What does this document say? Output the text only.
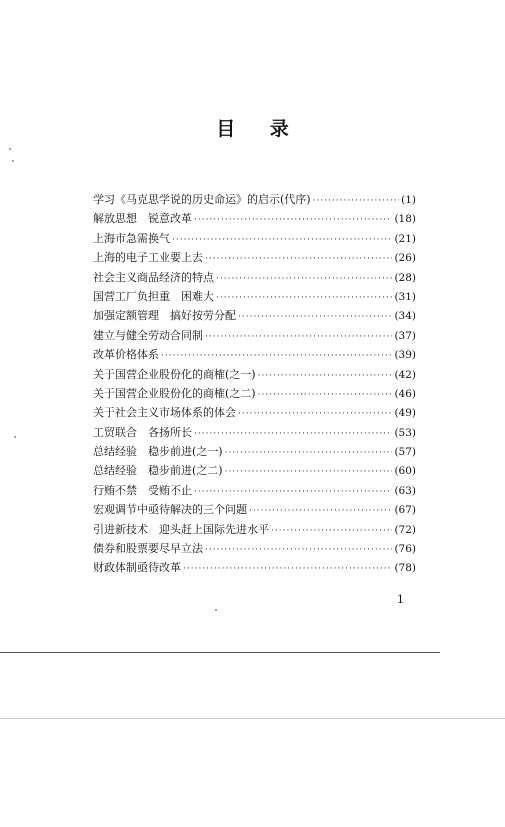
目 录
学习《马克思学说的历史命运》的启示(代序) ·····	(1)
解放思想　锐意改革 ·····	(18)
上海市急需换气 ·····	(21)
上海的电子工业要上去 ·····	(26)
社会主义商品经济的特点 ·····	(28)
国营工厂负担重　困难大 ·····	(31)
加强定额管理　搞好按劳分配 ·····	(34)
建立与健全劳动合同制 ·····	(37)
改革价格体系 ·····	(39)
关于国营企业股份化的商榷(之一) ·····	(42)
关于国营企业股份化的商榷(之二) ·····	(46)
关于社会主义市场体系的体会 ·····	(49)
工贸联合　各扬所长 ·····	(53)
总结经验　稳步前进(之一) ·····	(57)
总结经验　稳步前进(之二) ·····	(60)
行贿不禁　受贿不止 ·····	(63)
宏观调节中亟待解决的三个问题 ·····	(67)
引进新技术　迎头赶上国际先进水平 ·····	(72)
债券和股票要尽早立法 ·····	(76)
财政体制亟待改革 ·····	(78)
1
